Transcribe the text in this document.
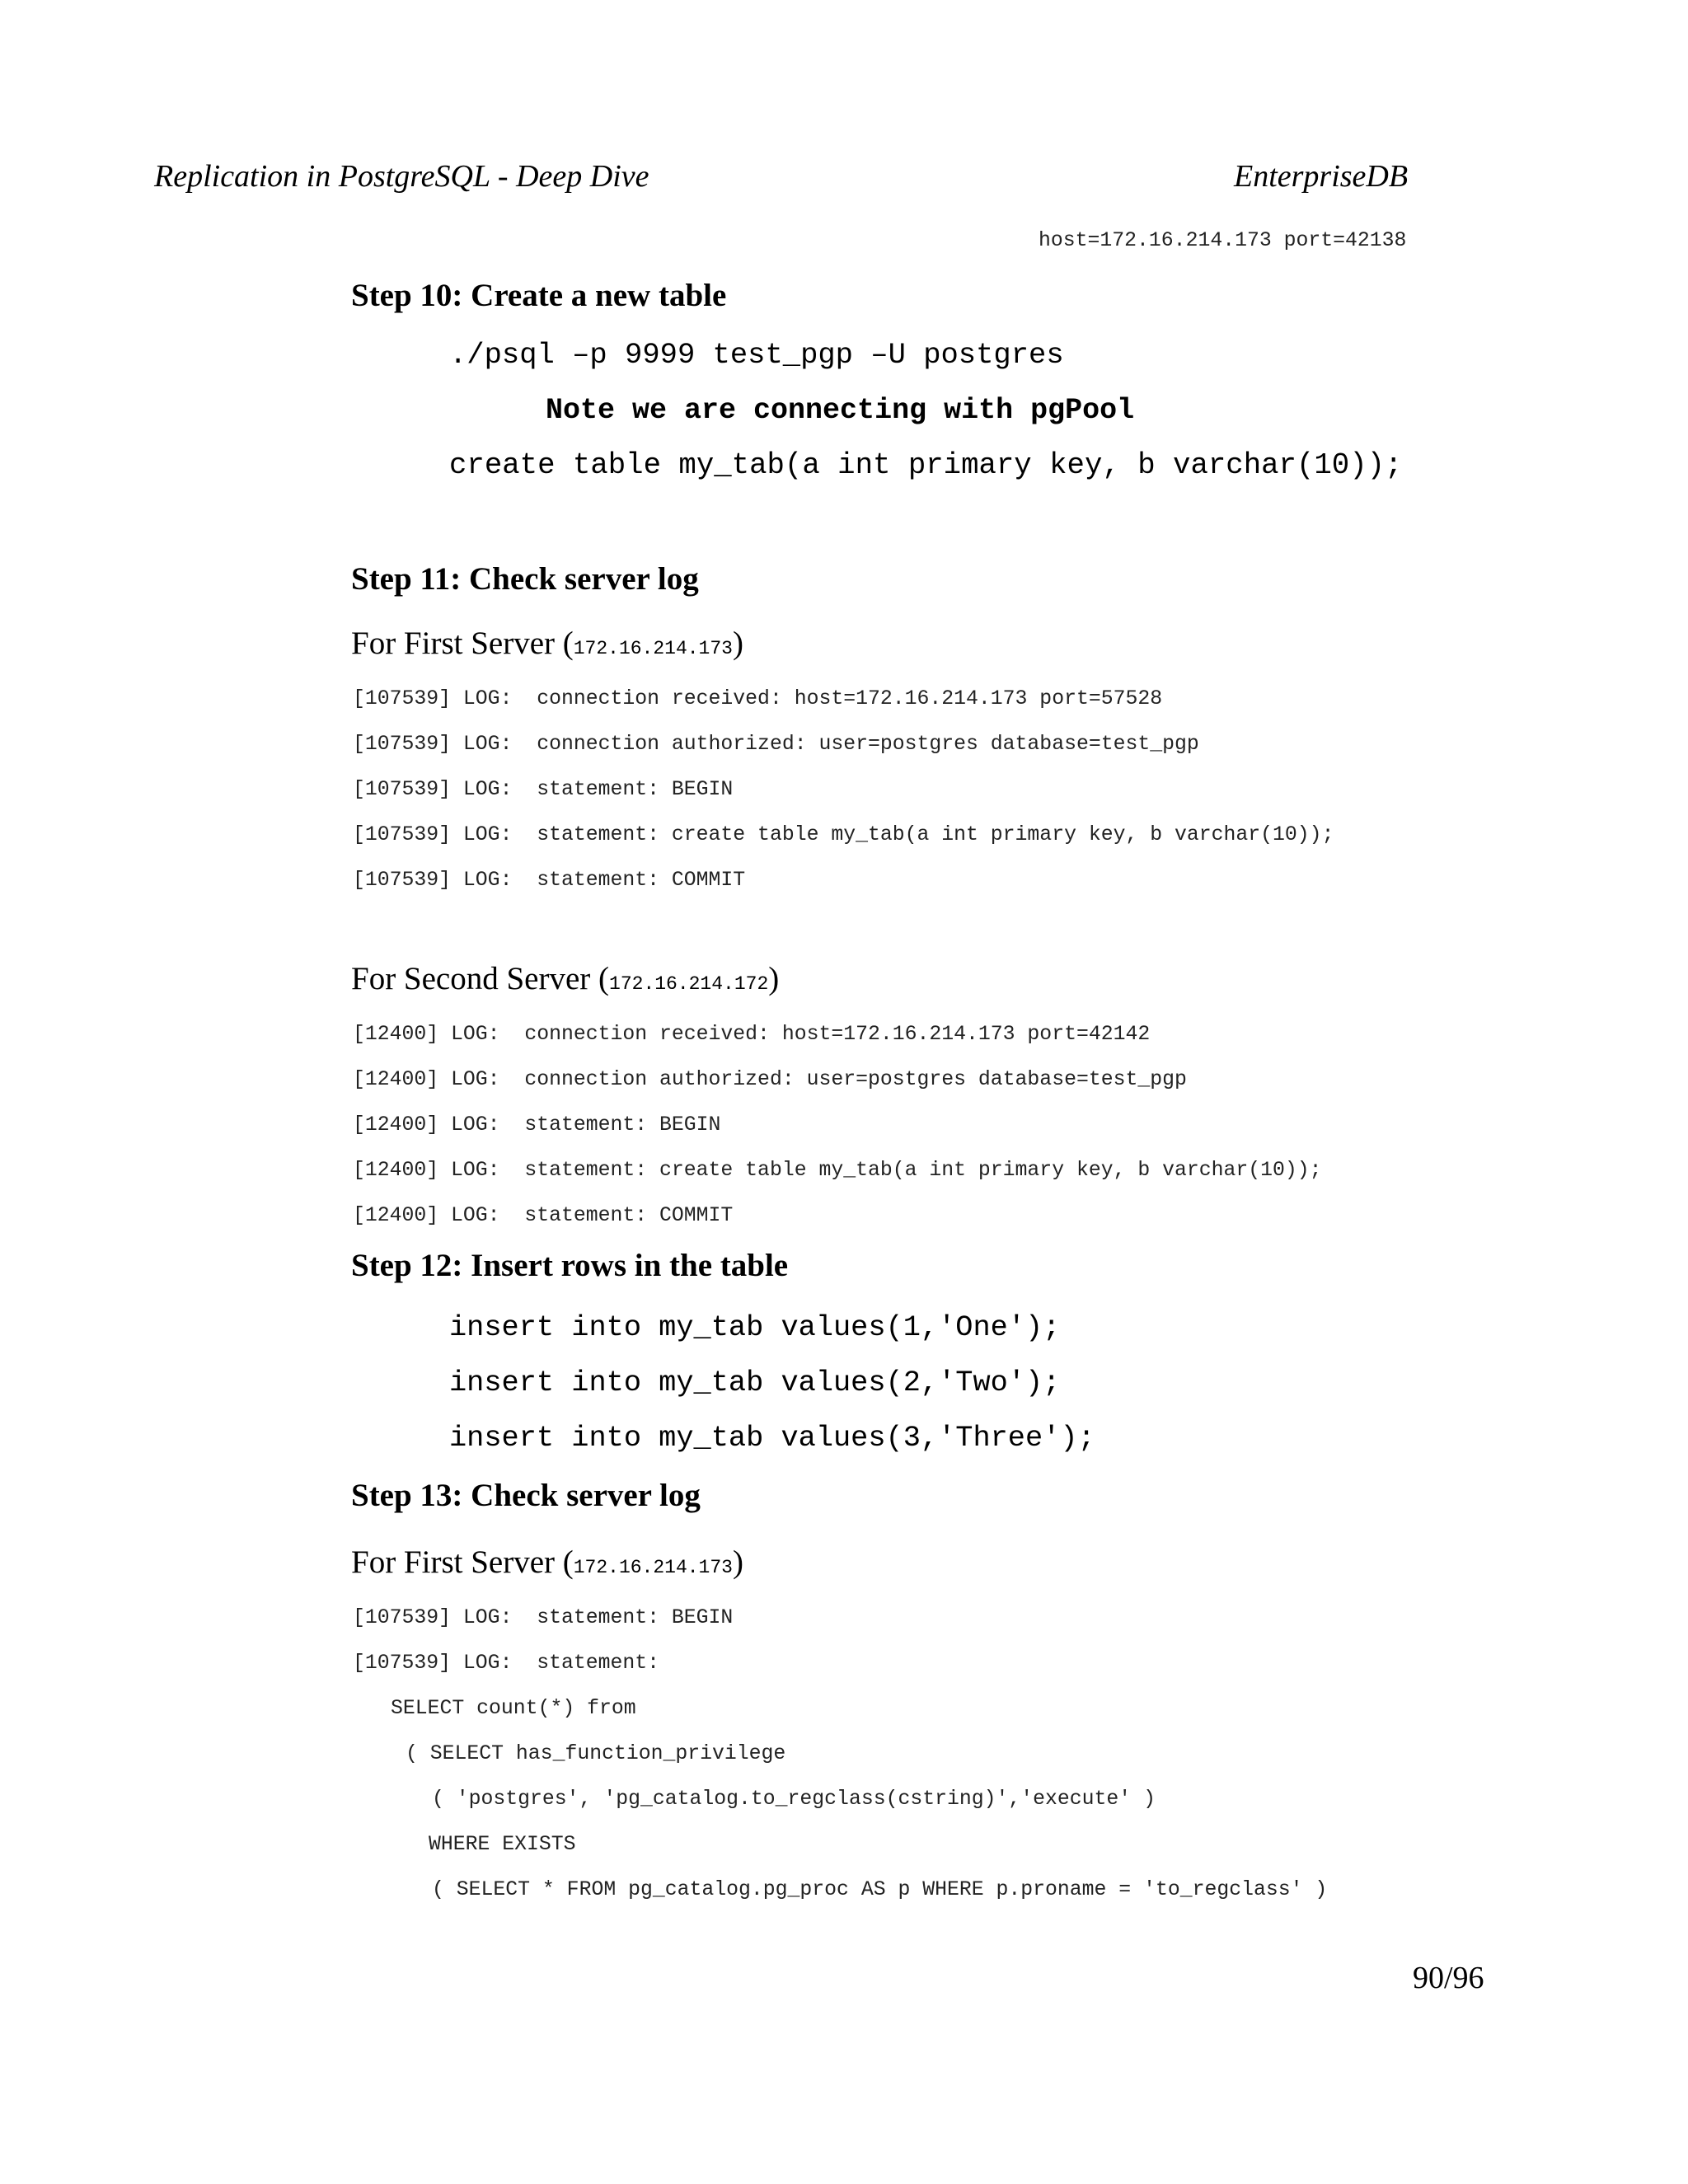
Replication in PostgreSQL - Deep Dive	EnterpriseDB
host=172.16.214.173 port=42138
Step 10: Create a new table
./psql –p 9999 test_pgp –U postgres
Note we are connecting with pgPool
create table my_tab(a int primary key, b varchar(10));
Step 11: Check server log
For First Server (172.16.214.173)
[107539] LOG:  connection received: host=172.16.214.173 port=57528
[107539] LOG:  connection authorized: user=postgres database=test_pgp
[107539] LOG:  statement: BEGIN
[107539] LOG:  statement: create table my_tab(a int primary key, b varchar(10));
[107539] LOG:  statement: COMMIT
For Second Server (172.16.214.172)
[12400] LOG:  connection received: host=172.16.214.173 port=42142
[12400] LOG:  connection authorized: user=postgres database=test_pgp
[12400] LOG:  statement: BEGIN
[12400] LOG:  statement: create table my_tab(a int primary key, b varchar(10));
[12400] LOG:  statement: COMMIT
Step 12: Insert rows in the table
insert into my_tab values(1,'One');
insert into my_tab values(2,'Two');
insert into my_tab values(3,'Three');
Step 13: Check server log
For First Server (172.16.214.173)
[107539] LOG:  statement: BEGIN
[107539] LOG:  statement:
SELECT count(*) from
( SELECT has_function_privilege
( 'postgres', 'pg_catalog.to_regclass(cstring)','execute' )
WHERE EXISTS
( SELECT * FROM pg_catalog.pg_proc AS p WHERE p.proname = 'to_regclass' )
90/96
